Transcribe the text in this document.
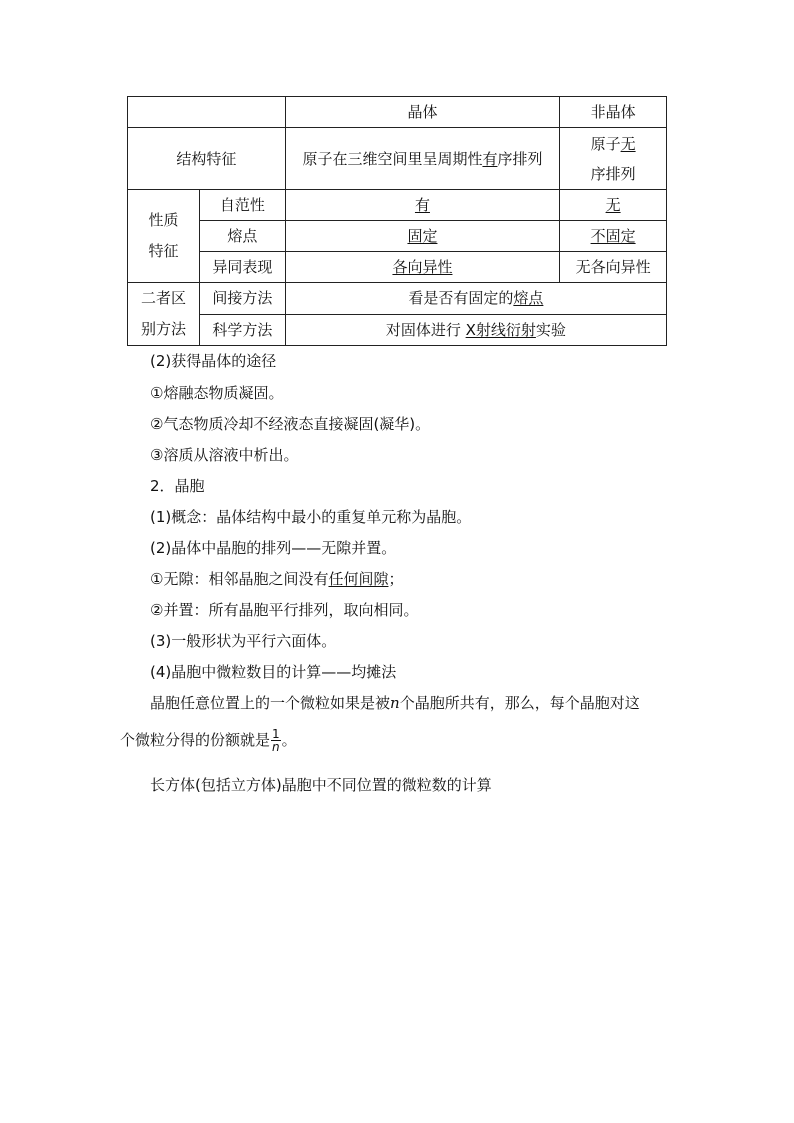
		晶体	非晶体
结构特征		原子在三维空间里呈周期性有序排列	原子无
序排列
性质
特征	自范性	有	无
	熔点	固定	不固定
	异同表现	各向异性	无各向异性
二者区
别方法	间接方法	看是否有固定的熔点	
	科学方法	对固体进行 X射线衍射实验	
(2)获得晶体的途径
①熔融态物质凝固。
②气态物质冷却不经液态直接凝固(凝华)。
③溶质从溶液中析出。
2．晶胞
(1)概念：晶体结构中最小的重复单元称为晶胞。
(2)晶体中晶胞的排列——无隙并置。
①无隙：相邻晶胞之间没有任何间隙；
②并置：所有晶胞平行排列，取向相同。
(3)一般形状为平行六面体。
(4)晶胞中微粒数目的计算——均摊法
晶胞任意位置上的一个微粒如果是被n个晶胞所共有，那么，每个晶胞对这
个微粒分得的份额就是 $\frac{1}{n}$ 。
长方体(包括立方体)晶胞中不同位置的微粒数的计算
